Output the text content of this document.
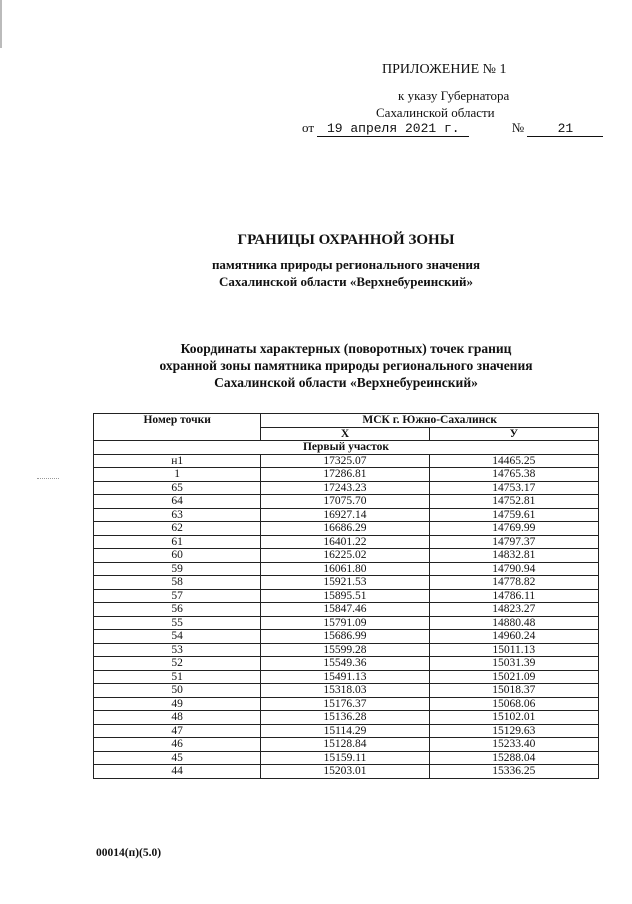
ПРИЛОЖЕНИЕ № 1
к указу Губернатора
Сахалинской области
от 19 апреля 2021 г.	№	21
ГРАНИЦЫ ОХРАННОЙ ЗОНЫ
памятника природы регионального значения
Сахалинской области «Верхнебуреинский»
Координаты характерных (поворотных) точек границ
охранной зоны памятника природы регионального значения
Сахалинской области «Верхнебуреинский»
Номер точки	МСК г. Южно-Сахалинск	
	X	У
Первый участок		
н1	17325.07	14465.25
1	17286.81	14765.38
65	17243.23	14753.17
64	17075.70	14752.81
63	16927.14	14759.61
62	16686.29	14769.99
61	16401.22	14797.37
60	16225.02	14832.81
59	16061.80	14790.94
58	15921.53	14778.82
57	15895.51	14786.11
56	15847.46	14823.27
55	15791.09	14880.48
54	15686.99	14960.24
53	15599.28	15011.13
52	15549.36	15031.39
51	15491.13	15021.09
50	15318.03	15018.37
49	15176.37	15068.06
48	15136.28	15102.01
47	15114.29	15129.63
46	15128.84	15233.40
45	15159.11	15288.04
44	15203.01	15336.25
00014(п)(5.0)
